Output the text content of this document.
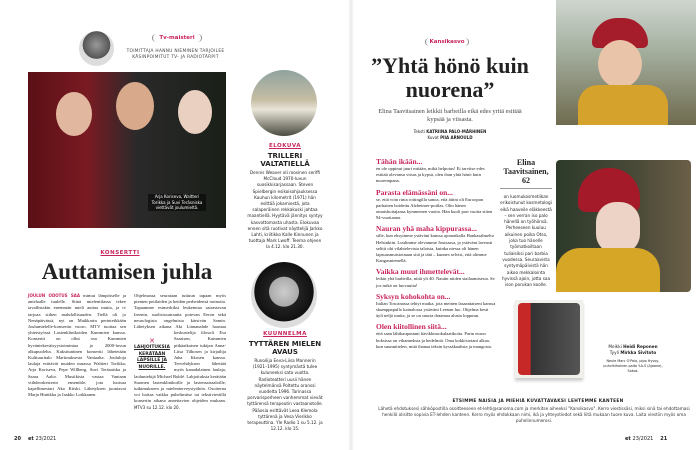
Tv-maisteri
TOIMITTAJA HANNU NIEMINEN TARJOILEE KÄSINPOIMITUT TV- JA RADIOTÄRPIT
Arja Koriseva, Waltteri Torikka ja Suvi Teräsniska viettävät joulumieltä.
KONSERTTI
Auttamisen juhla
JOULUN ODOTUS SAA mimut lämpöiselle ja antelaalle tuulelle. Siinä mielentilassa tekee tavallistakin enemmän mieli auttaa muita, ja tv tarjoaa siihen mahdollisuuden. Tiellä oli jo Nenäpäivässä, nyt on Maikkarin perinteikkään Joulumielelle-konsertin vuoro. MTV tuottaa sen yhteistyössä Lastenklinikoiden Kummien kanssa. Konsertti on ollut osa Kummien hyväntekeväisyystoimintaa jo 2000-luvun alkupuolelta. Kaksituntinen konsertti lähetetään Kulttuuritalo Martinuksesta Vantaalta. Joululoja laulaja esittävät muiden muassa Waltteri Torikka, Arja Koriseva, Pepe Willberg, Suvi Teräsniska ja Saara Aalto. Musiikista vastaa Vantaan viihdeorkesterin ensemble, jota luotsaa kapellimestari Ako Kiiski. Lähetyksen juontavat Marja Hintikka ja Jaakko Loikkanen.
✕
LAHJOITUKSIA KERÄTÄÄN LAPSILLE JA NUORILLE.
Ohjelmassa seurataan tuttuun tapaan myös pienten potilaiden ja heidän perheidensä tarinoita. Tapaamme esimerkiksi leukemiaa sairastavan Ireenin, suolistosairautta potevan Eeron sekä neurologista ongelmista kärsivän Samin. Lähetyksen aikana Aki Linnanahde haastaa keskustelija filosofi Esa Saarisen, Kummien pitkäaikaisen tukijan Anna-Liisa Tilhosen ja kirjailija Juha Itkosen kanssa. Tervehdyksen lähettää myös kanadalainen laulaja, lauluntekijä Michael Bublé. Lahjoituksia kerätään Suomen lastenklinikoille ja lastensairaaloille, tutkimukseen ja mielenterveystyöhön. Osoiterna voi hoitaa vaikka puhelimitse tai tekstiviestillä konsertin aikana annettavien ohjeiden mukaan. MTV3 su 12.12. klo 20.
20 et 23/2021
ELOKUVA
TRILLERI VALTATIELLÄ
Dennis Weaver oli roosinen seriffi McCloud 1970-luvun suosikkisarjassaan. Steven Spielbergin esikoisohjauksessa Kauhun kilometrit (1971) hän esittää jokamiestä, jota salaperäinen rekkakuski jahtaa maantiellä. Hyytävä jännitys syntyy kasvottomasta uhasta. Elokuvaa ennen sitä ruotivat näyttelijä Jarkko Lahti, kriitikko Kalle Kinnunen ja tuottaja Mark Lwoff. Teema ohjeen la 4.12. klo 21.30.
KUUNNELMA
TYTTÄREN MIELEN AVAUS
Runoilija Eeva-Liisa Mannerin (1921–1995) syntymästä tulee kuluneeksi sata vuotta. Radioteatteri uusii hänen näytelmänsä Poltettu oranssi vuodelta 1996. Tarinassa porvarisperheen vanhemmat vievät tyttärensä terapeutin vastaanotolle. Pääosia esittävät Leea Klemola tyttärenä ja Vesa Vierikko terapeuttina. Yle Radio 1 su 5.12. ja 12.12. klo 15.
Kansikasvo
”Yhtä hönö kuin nuorena”
Elina Taavitsainen leikkii barbeilla eikä edes yritä esittää kypsää ja viisasta.
Teksti KATRIINA PALO-MÄRHINEN
Kuvat PIIA ARNOULD
Tähän ikään...
en ole oppinut juuri mitään, mikä helpotus! Ei tarvitse edes esittää olevansa viisas ja kypsä, olen ihan yhtä hönö kuin nuorempana.
Parasta elämässäni on...
se, että voin rinta rottingilla sanoa, että äitini oli Euroopan parhaiten hoidettu Alzheimer-potilas. Olin hänen omaishoitajansa kymmenen vuotta. Hän kuoli pari vuotta sitten 94-vuotiaana.
Nauran yhä maha kippurassa...
sille, kun eksyimme ystäväni kanssa ajomatkalla Hankasalmelta Helsinkiin. Luulimme olevamme Joutsassa, ja ystäväni laveasti selitti ohi vilahtelevista taloista, kuinka niessa oli hänen lapsuusmuistoinaan sitä ja tätä – kunnes selvisi, että olimme Kangasniemellä.
Vaikka muut ihmettelevät...
leikin yhä barbeilla, niitä yli 40. Nautin niiden stailaamisesta. Se jos mikä on luovuutta!
Syksyn kohokohta on...
Italian Toscanassa tehtyt matka, jota meinen lasaantaiseni kanssa skumppapullo kainalossa ystäväni Leenan luo. Ohjelma kesti äyli neljä tuntia, ja se on suurta draamaa alusta loppuun.
Olen kiitollinen siitä...
että saan lähikaupastani hävikkiruokalaatikoita. Parin euron boksissa on vihanneksia ja hedelmiä. Oma kokkisiotani alkaa, kun suunnittelen, mitä ihanaa teksin kyssäkaalista ja mangosta.
Elina Taavitsainen, 62
on luomukosmetiikan erikoistunut kosmetologi eikä haaveile eläkkeestä – sen verran iso palo hänellä on työhönsä. Perheeseen kuuluu aikuinen poika Otso, joka tuo hänelle työmatkoiltaan tuliaisiksi pari barbia vuodessa. Seuraavista syntymäpäivistä hän aikoo mekkalointa hyvissä ajoin, jotta saa ison porukan koolle.
Meikki Heidi Reponen
Tyyli Mirkka Sivitoto
Neule Marc O'Polo, pipo Hyvoy, puhvihihainen paita Y.A.S (Ajaane), Sokos.
ETSIMME NAISIA JA MIEHIÄ KUVATTAVAKSI LEHTEMME KANTEEN
Lähetä ehdotuksesi sähköpostilla osoitteeseen et-lehti@sanoma.com ja merkitse aiheeksi "Kansikasvo". Kerro viestissäsi, miksi sinä tai ehdottamasi henkilö olisitte sopivia ET-lehden kanteen. Kerro myös ehdokkaan nimi, ikä ja yhteystiedot sekä liitä mukaan tuore kuva. Laita viestiin myös oma puhelinnumerosi.
et 23/2021 21
